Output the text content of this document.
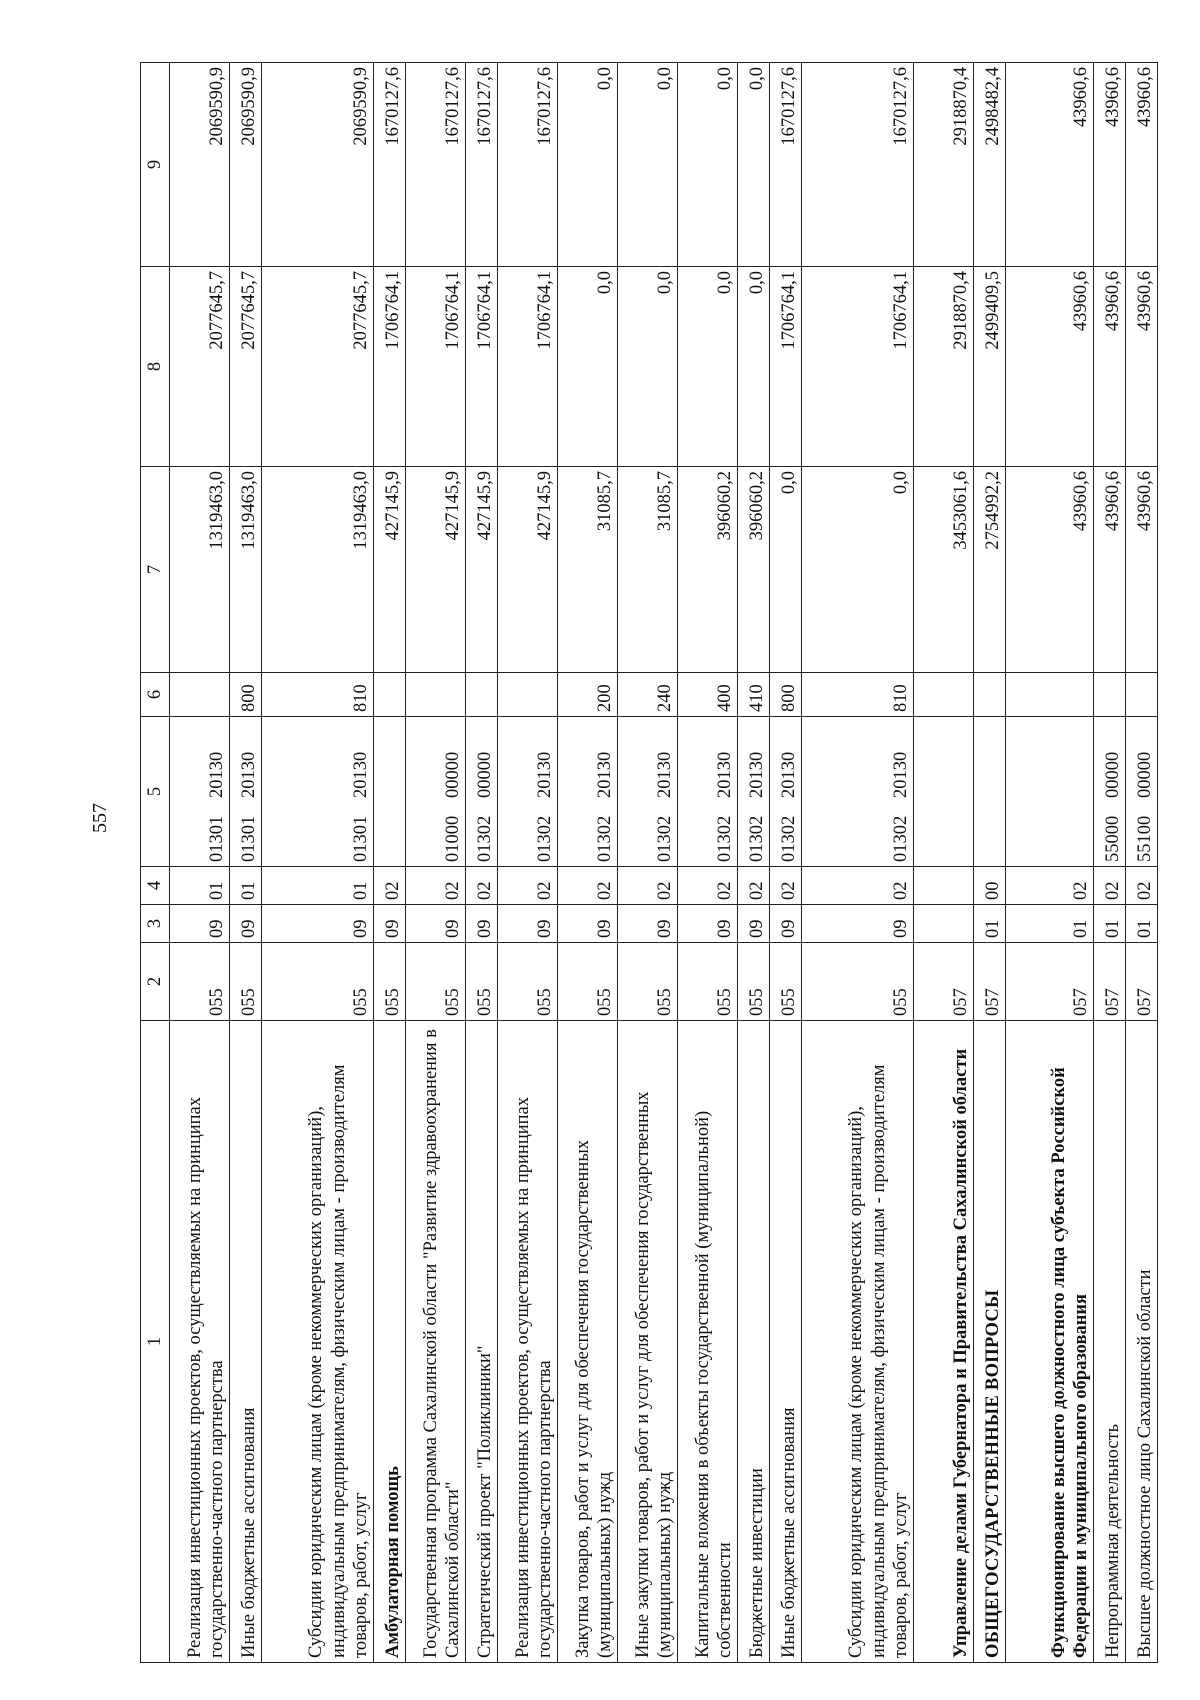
557
1	2	3	4	5	6	7	8	9
Реализация инвестиционных проектов, осуществляемых на принципах государственно-частного партнерства	055	09	01	0130120130		1319463,0	2077645,7	2069590,9
Иные бюджетные ассигнования	055	09	01	0130120130	800	1319463,0	2077645,7	2069590,9
Субсидии юридическим лицам (кроме некоммерческих организаций), индивидуальным предпринимателям, физическим лицам - производителям товаров, работ, услуг	055	09	01	0130120130	810	1319463,0	2077645,7	2069590,9
Амбулаторная помощь	055	09	02			427145,9	1706764,1	1670127,6
Государственная программа Сахалинской области "Развитие здравоохранения в Сахалинской области"	055	09	02	0100000000		427145,9	1706764,1	1670127,6
Стратегический проект "Поликлиники"	055	09	02	0130200000		427145,9	1706764,1	1670127,6
Реализация инвестиционных проектов, осуществляемых на принципах государственно-частного партнерства	055	09	02	0130220130		427145,9	1706764,1	1670127,6
Закупка товаров, работ и услуг для обеспечения государственных (муниципальных) нужд	055	09	02	0130220130	200	31085,7	0,0	0,0
Иные закупки товаров, работ и услуг для обеспечения государственных (муниципальных) нужд	055	09	02	0130220130	240	31085,7	0,0	0,0
Капитальные вложения в объекты государственной (муниципальной) собственности	055	09	02	0130220130	400	396060,2	0,0	0,0
Бюджетные инвестиции	055	09	02	0130220130	410	396060,2	0,0	0,0
Иные бюджетные ассигнования	055	09	02	0130220130	800	0,0	1706764,1	1670127,6
Субсидии юридическим лицам (кроме некоммерческих организаций), индивидуальным предпринимателям, физическим лицам - производителям товаров, работ, услуг	055	09	02	0130220130	810	0,0	1706764,1	1670127,6
Управление делами Губернатора и Правительства Сахалинской области	057					3453061,6	2918870,4	2918870,4
ОБЩЕГОСУДАРСТВЕННЫЕ ВОПРОСЫ	057	01	00			2754992,2	2499409,5	2498482,4
Функционирование высшего должностного лица субъекта Российской Федерации и муниципального образования	057	01	02			43960,6	43960,6	43960,6
Непрограммная деятельность	057	01	02	5500000000		43960,6	43960,6	43960,6
Высшее должностное лицо Сахалинской области	057	01	02	5510000000		43960,6	43960,6	43960,6
